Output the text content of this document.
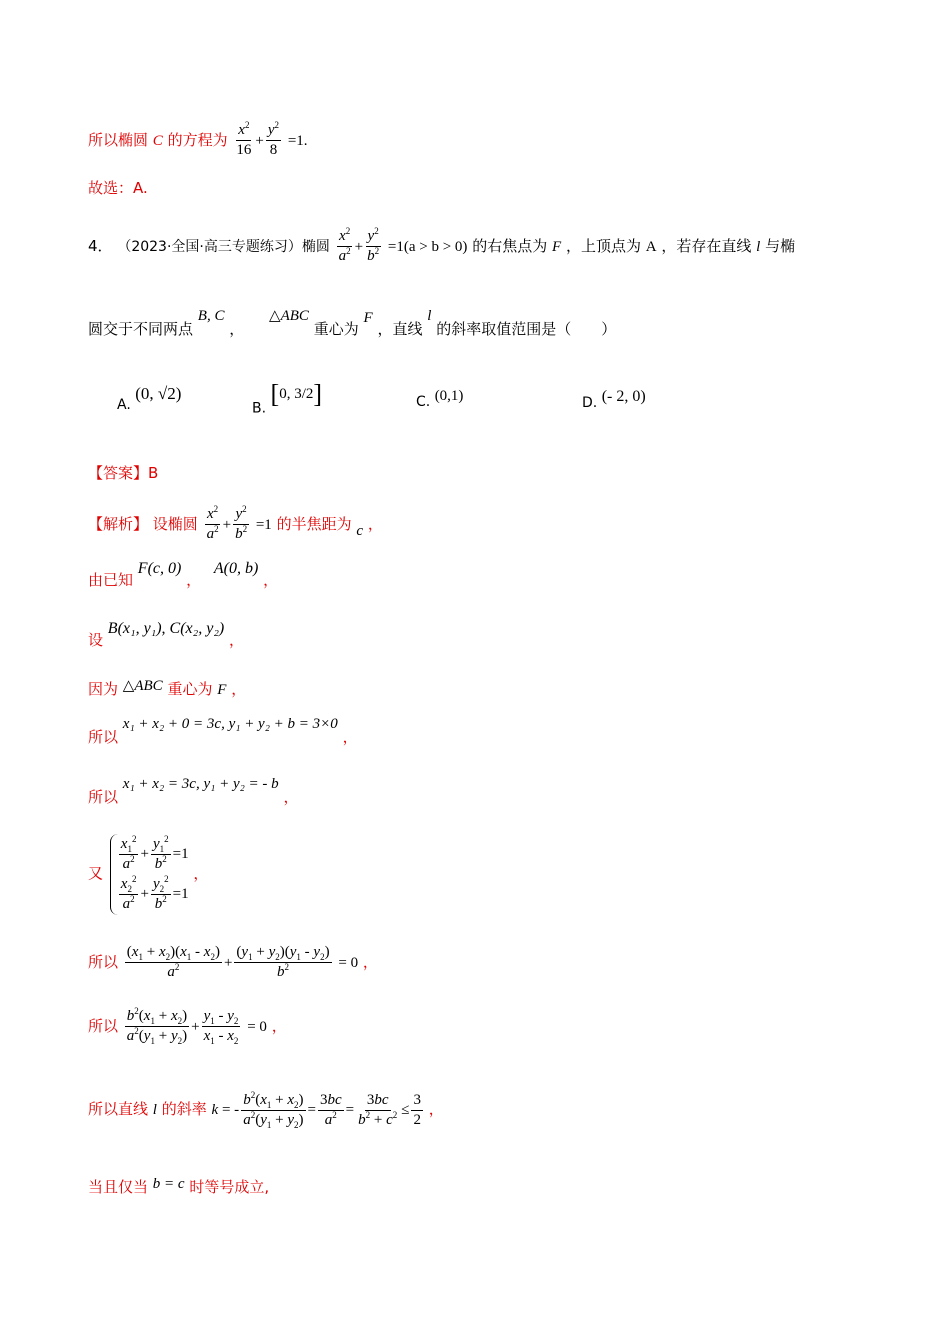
所以椭圆 C 的方程为 $\frac{x^2}{16} + \frac{y^2}{8} =1$.
故选：A.
4． （2023·全国·高三专题练习）椭圆 $\frac{x^2}{a^2} + \frac{y^2}{b^2} =1(a > b > 0)$ 的右焦点为 F ，上顶点为 A ，若存在直线 l 与椭
圆交于不同两点 B, C ， △ABC 重心为 F ，直线 l 的斜率取值范围是（　　）
A. (0, √2)
B. [0, 3/2]	C. (0,1)	D. (- 2, 0)
【答案】B
【解析】 设椭圆 $\frac{x^2}{a^2} + \frac{y^2}{b^2} =1$ 的半焦距为 c ，
由已知 F(c, 0) ， A(0, b) ，
设 B(x₁, y₁), C(x₂, y₂) ，
因为 △ABC 重心为 F ，
所以 x₁ + x₂ + 0 = 3c, y₁ + y₂ + b = 3×0 ，
所以 x₁ + x₂ = 3c, y₁ + y₂ = - b ，
又 $\frac{x_1^2}{a^2} + \frac{y_1^2}{b^2} =1$
$\frac{x_2^2}{a^2} + \frac{y_2^2}{b^2} =1$
，
所以 $\frac{(x_1 + x_2)(x_1 - x_2)}{a^2} + \frac{(y_1 + y_2)(y_1 - y_2)}{b^2} = 0$ ，
所以 $\frac{b^2(x_1 + x_2)}{a^2(y_1 + y_2)} + \frac{y_1 - y_2}{x_1 - x_2} = 0$ ，
所以直线 l 的斜率 k = - $\frac{b^2(x_1 + x_2)}{a^2(y_1 + y_2)} = \frac{3bc}{a^2} = \frac{3bc}{b^2 + c^2} \le \frac{3}{2}$ ，
当且仅当 b = c 时等号成立,
